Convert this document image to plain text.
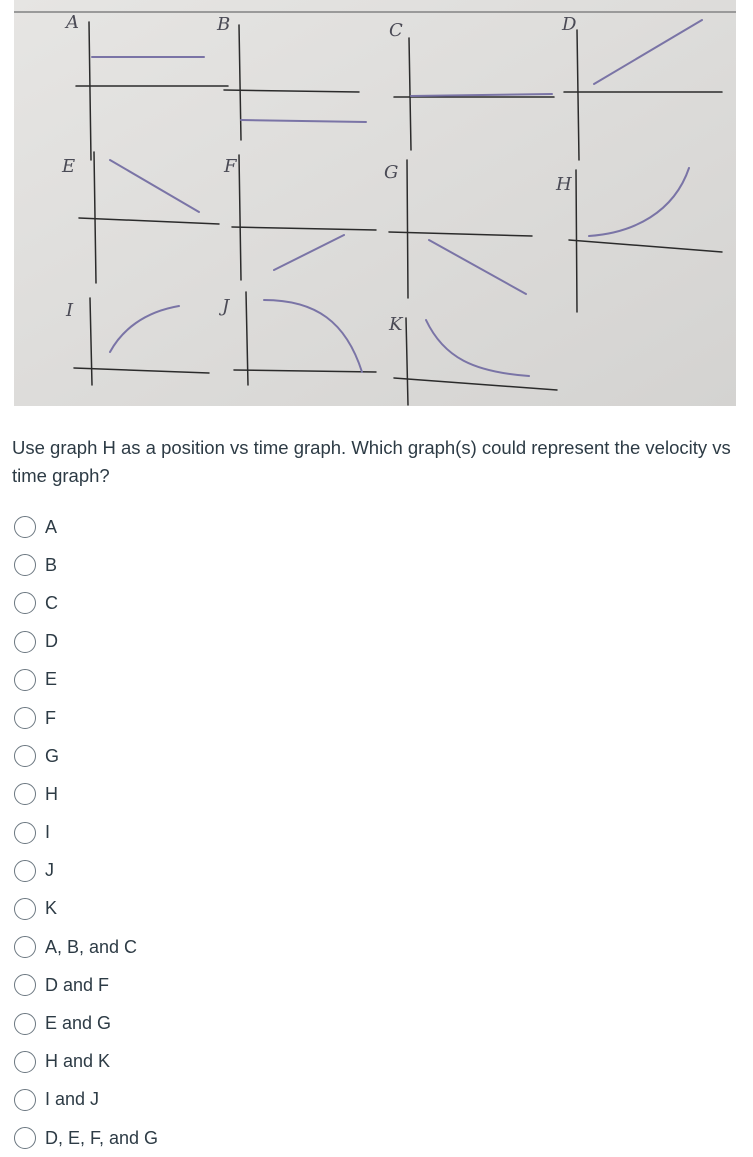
A	B	C	D
E	F	G
H
I	J
K

Use graph H as a position vs time graph. Which graph(s) could represent the velocity vs time graph?

A
B
C
D
E
F
G
H
I
J
K
A, B, and C
D and F
E and G
H and K
I and J
D, E, F, and G
